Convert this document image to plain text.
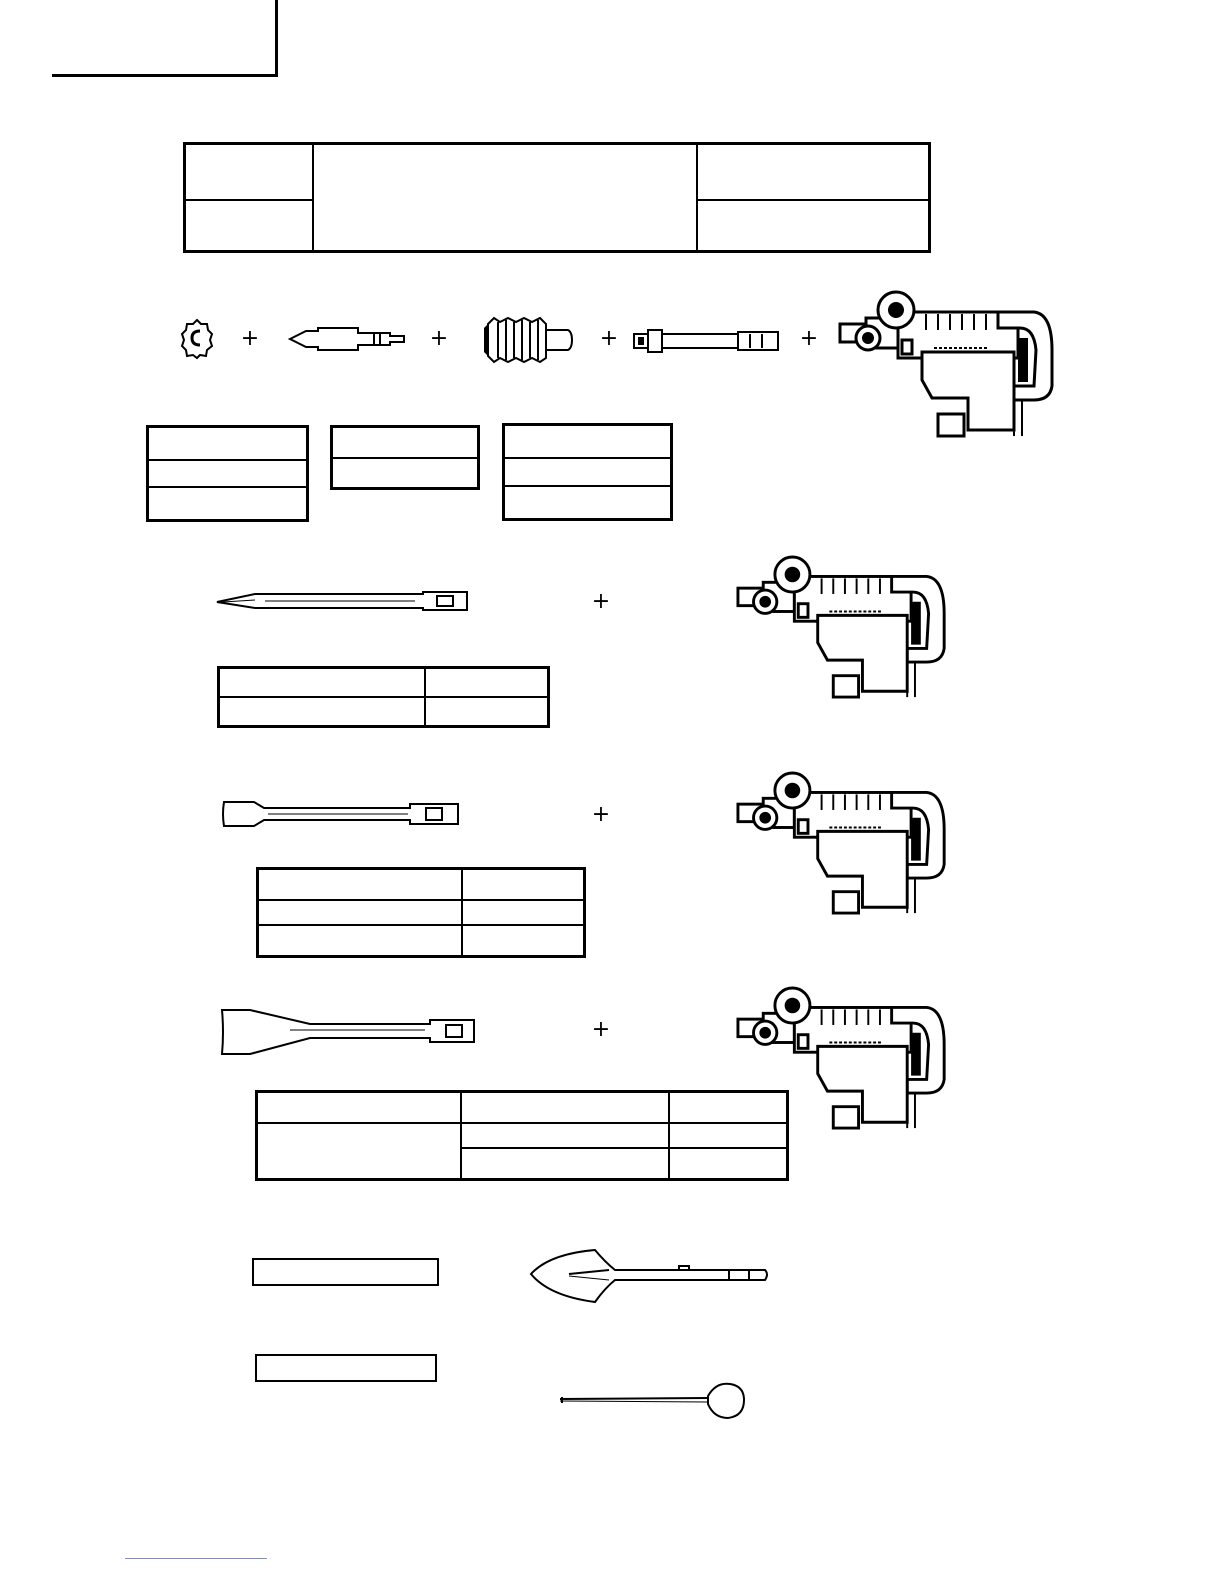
+	+	+	+

+

+

+
